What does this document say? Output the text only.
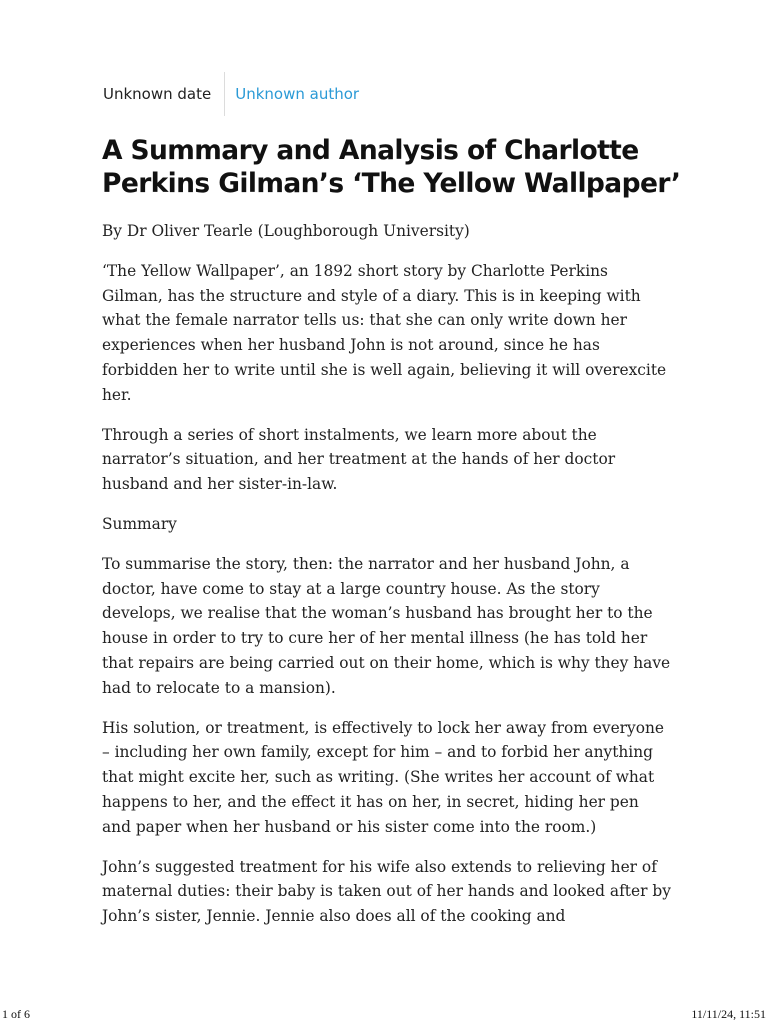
Unknown date	Unknown author
A Summary and Analysis of Charlotte Perkins Gilman’s ‘The Yellow Wallpaper’

By Dr Oliver Tearle (Loughborough University)

‘The Yellow Wallpaper’, an 1892 short story by Charlotte Perkins Gilman, has the structure and style of a diary. This is in keeping with what the female narrator tells us: that she can only write down her experiences when her husband John is not around, since he has forbidden her to write until she is well again, believing it will overexcite her.

Through a series of short instalments, we learn more about the narrator’s situation, and her treatment at the hands of her doctor husband and her sister-in-law.

Summary

To summarise the story, then: the narrator and her husband John, a doctor, have come to stay at a large country house. As the story develops, we realise that the woman’s husband has brought her to the house in order to try to cure her of her mental illness (he has told her that repairs are being carried out on their home, which is why they have had to relocate to a mansion).

His solution, or treatment, is effectively to lock her away from everyone – including her own family, except for him – and to forbid her anything that might excite her, such as writing. (She writes her account of what happens to her, and the effect it has on her, in secret, hiding her pen and paper when her husband or his sister come into the room.)

John’s suggested treatment for his wife also extends to relieving her of maternal duties: their baby is taken out of her hands and looked after by John’s sister, Jennie. Jennie also does all of the cooking and

1 of 6	11/11/24, 11:51
